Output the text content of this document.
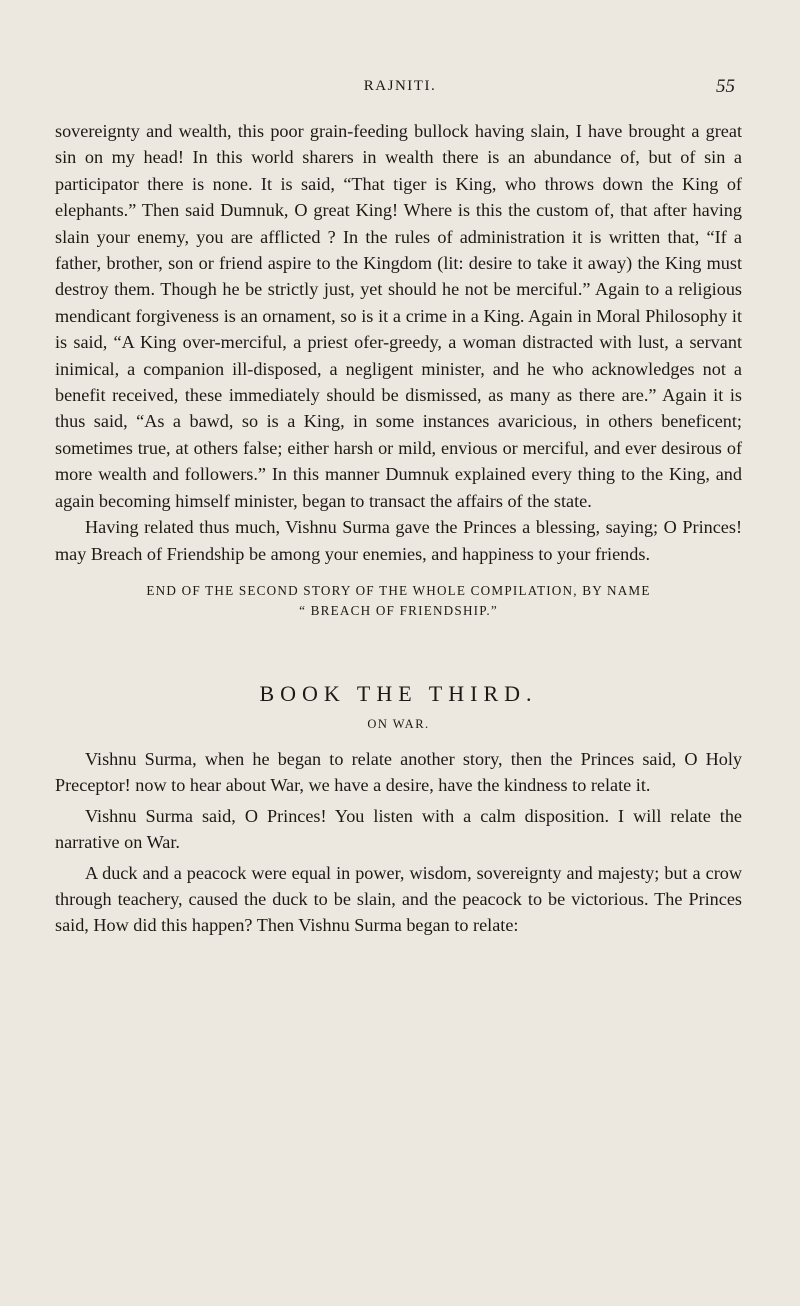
RAJNITI.	55

sovereignty and wealth, this poor grain-feeding bullock having slain, I have brought a great sin on my head! In this world sharers in wealth there is an abundance of, but of sin a participator there is none. It is said, “That tiger is King, who throws down the King of elephants.” Then said Dumnuk, O great King! Where is this the custom of, that after having slain your enemy, you are afflicted ? In the rules of administration it is written that, “If a father, brother, son or friend aspire to the Kingdom (lit: desire to take it away) the King must destroy them. Though he be strictly just, yet should he not be merciful.” Again to a religious mendicant forgiveness is an ornament, so is it a crime in a King. Again in Moral Philosophy it is said, “A King over-merciful, a priest ofer-greedy, a woman distracted with lust, a servant inimical, a companion ill-disposed, a negligent minister, and he who acknowledges not a benefit received, these immediately should be dismissed, as many as there are.” Again it is thus said, “As a bawd, so is a King, in some instances avaricious, in others beneficent; sometimes true, at others false; either harsh or mild, envious or merciful, and ever desirous of more wealth and followers.” In this manner Dumnuk explained every thing to the King, and again becoming himself minister, began to transact the affairs of the state.

Having related thus much, Vishnu Surma gave the Princes a blessing, saying; O Princes! may Breach of Friendship be among your enemies, and happiness to your friends.

END OF THE SECOND STORY OF THE WHOLE COMPILATION, BY NAME
“ BREACH OF FRIENDSHIP.”
BOOK THE THIRD.
ON WAR.

Vishnu Surma, when he began to relate another story, then the Princes said, O Holy Preceptor! now to hear about War, we have a desire, have the kindness to relate it.

Vishnu Surma said, O Princes! You listen with a calm disposition. I will relate the narrative on War.

A duck and a peacock were equal in power, wisdom, sovereignty and majesty; but a crow through teachery, caused the duck to be slain, and the peacock to be victorious. The Princes said, How did this happen? Then Vishnu Surma began to relate:
